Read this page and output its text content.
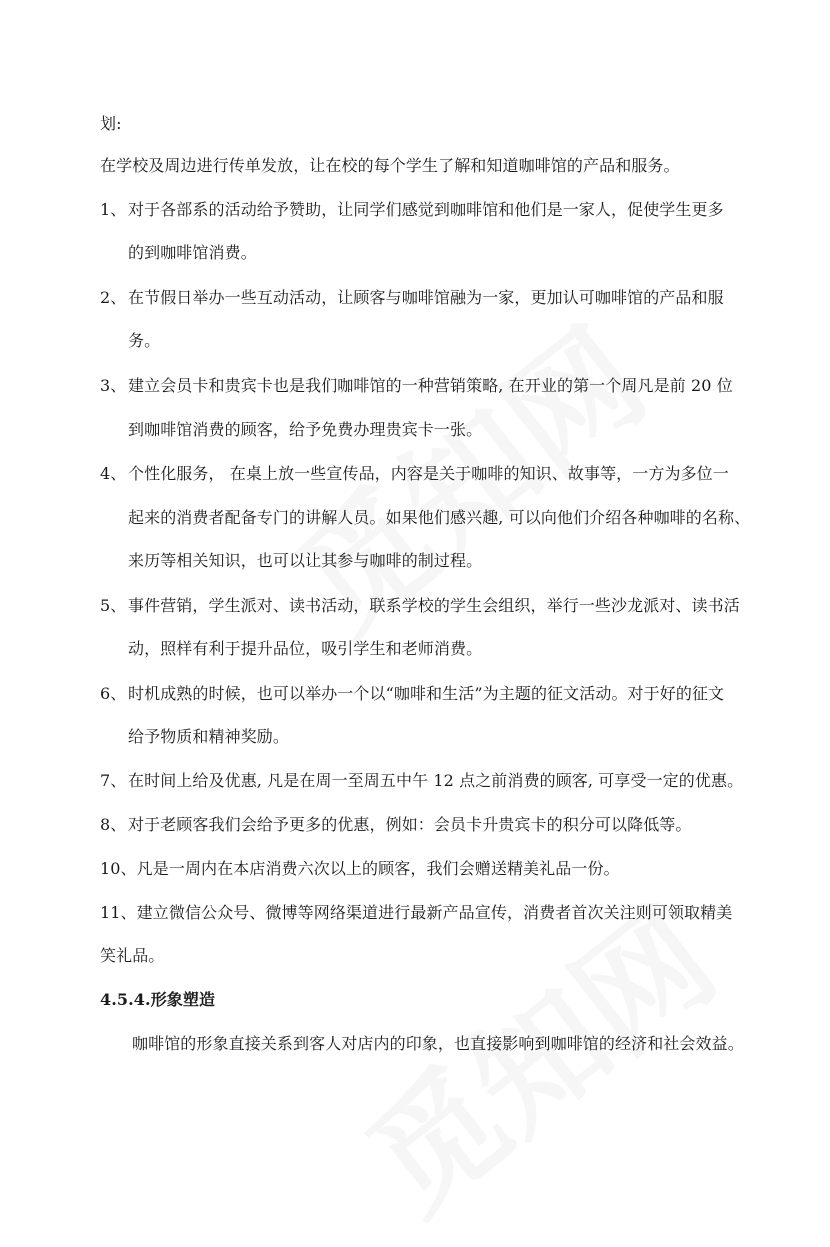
划:
在学校及周边进行传单发放，让在校的每个学生了解和知道咖啡馆的产品和服务。
1、 对于各部系的活动给予赞助，让同学们感觉到咖啡馆和他们是一家人，促使学生更多
的到咖啡馆消费。
2、 在节假日举办一些互动活动，让顾客与咖啡馆融为一家，更加认可咖啡馆的产品和服
务。
3、 建立会员卡和贵宾卡也是我们咖啡馆的一种营销策略, 在开业的第一个周凡是前 20 位
到咖啡馆消费的顾客，给予免费办理贵宾卡一张。
4、 个性化服务， 在桌上放一些宣传品，内容是关于咖啡的知识、故事等，一方为多位一
起来的消费者配备专门的讲解人员。如果他们感兴趣, 可以向他们介绍各种咖啡的名称、
来历等相关知识，也可以让其参与咖啡的制过程。
5、 事件营销，学生派对、读书活动，联系学校的学生会组织，举行一些沙龙派对、读书活
动，照样有利于提升品位，吸引学生和老师消费。
6、 时机成熟的时候，也可以举办一个以“咖啡和生活”为主题的征文活动。对于好的征文
给予物质和精神奖励。
7、 在时间上给及优惠, 凡是在周一至周五中午 12 点之前消费的顾客, 可享受一定的优惠。
8、 对于老顾客我们会给予更多的优惠，例如：会员卡升贵宾卡的积分可以降低等。
10、凡是一周内在本店消费六次以上的顾客，我们会赠送精美礼品一份。
11、建立微信公众号、微博等网络渠道进行最新产品宣传，消费者首次关注则可领取精美
笑礼品。
4.5.4.形象塑造
咖啡馆的形象直接关系到客人对店内的印象，也直接影响到咖啡馆的经济和社会效益。
